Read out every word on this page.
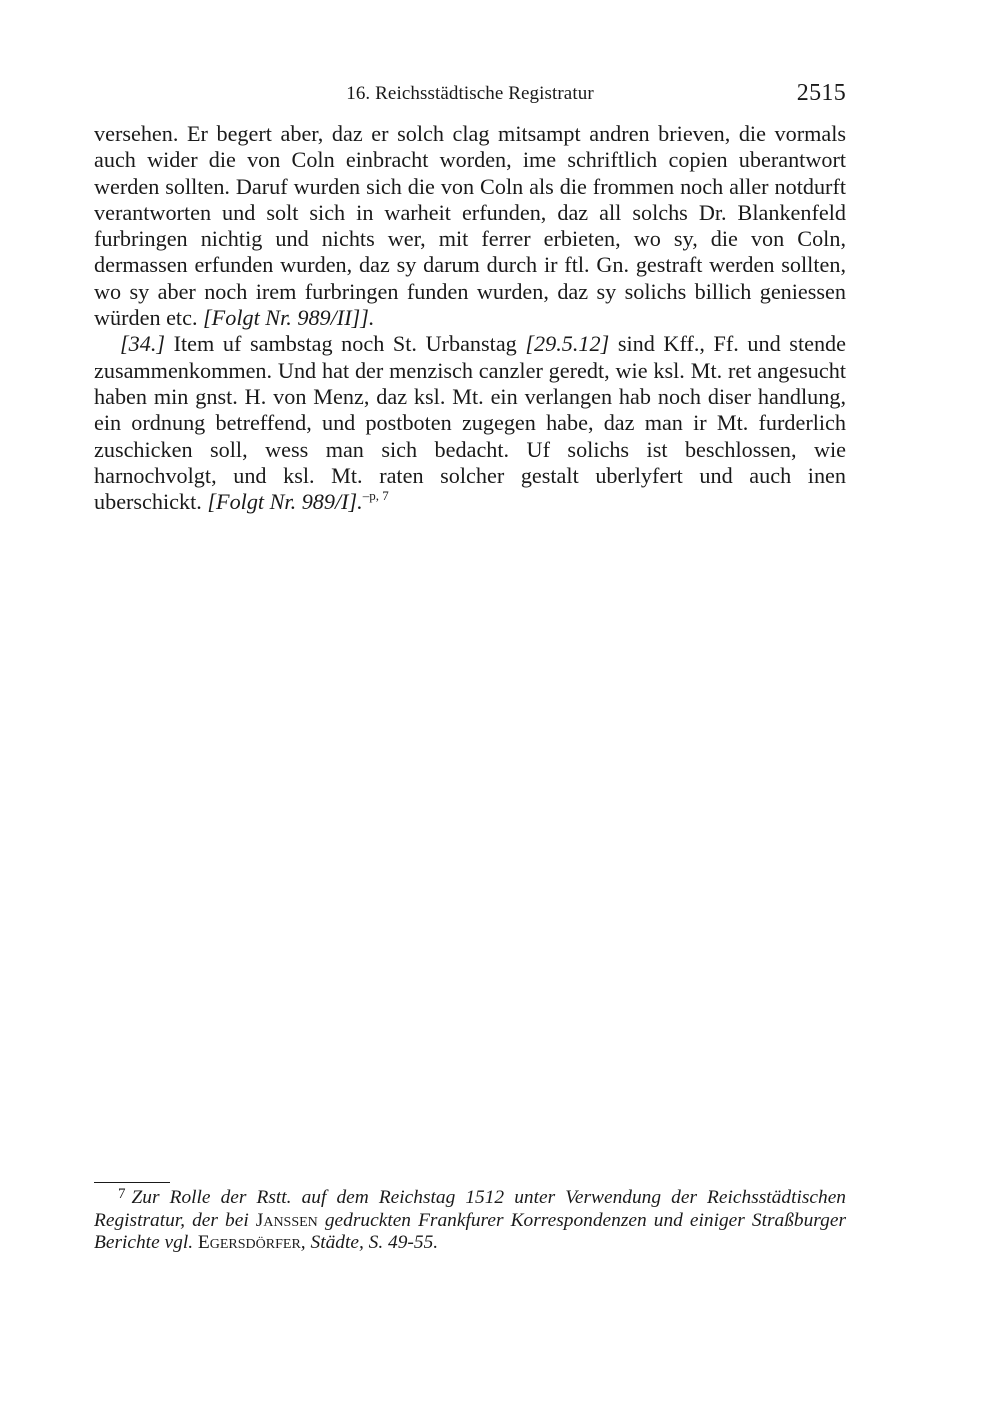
16. Reichsstädtische Registratur	2515

versehen. Er begert aber, daz er solch clag mitsampt andren brieven, die vormals auch wider die von Coln einbracht worden, ime schriftlich copien uberantwort werden sollten. Daruf wurden sich die von Coln als die frommen noch aller notdurft verantworten und solt sich in warheit erfunden, daz all solchs Dr. Blankenfeld furbringen nichtig und nichts wer, mit ferrer erbieten, wo sy, die von Coln, dermassen erfunden wurden, daz sy darum durch ir ftl. Gn. gestraft werden sollten, wo sy aber noch irem furbringen funden wurden, daz sy solichs billich geniessen würden etc. [Folgt Nr. 989/II]].

[34.] Item uf sambstag noch St. Urbanstag [29.5.12] sind Kff., Ff. und stende zusammenkommen. Und hat der menzisch canzler geredt, wie ksl. Mt. ret angesucht haben min gnst. H. von Menz, daz ksl. Mt. ein verlangen hab noch diser handlung, ein ordnung betreffend, und postboten zugegen habe, daz man ir Mt. furderlich zuschicken soll, wess man sich bedacht. Uf solichs ist beschlossen, wie harnochvolgt, und ksl. Mt. raten solcher gestalt uberlyfert und auch inen uberschickt. [Folgt Nr. 989/I].$^{-p, 7}$

$^7$ Zur Rolle der Rstt. auf dem Reichstag 1512 unter Verwendung der Reichsstädtischen Registratur, der bei Janssen gedruckten Frankfurer Korrespondenzen und einiger Straßburger Berichte vgl. Egersdörfer, Städte, S. 49-55.
